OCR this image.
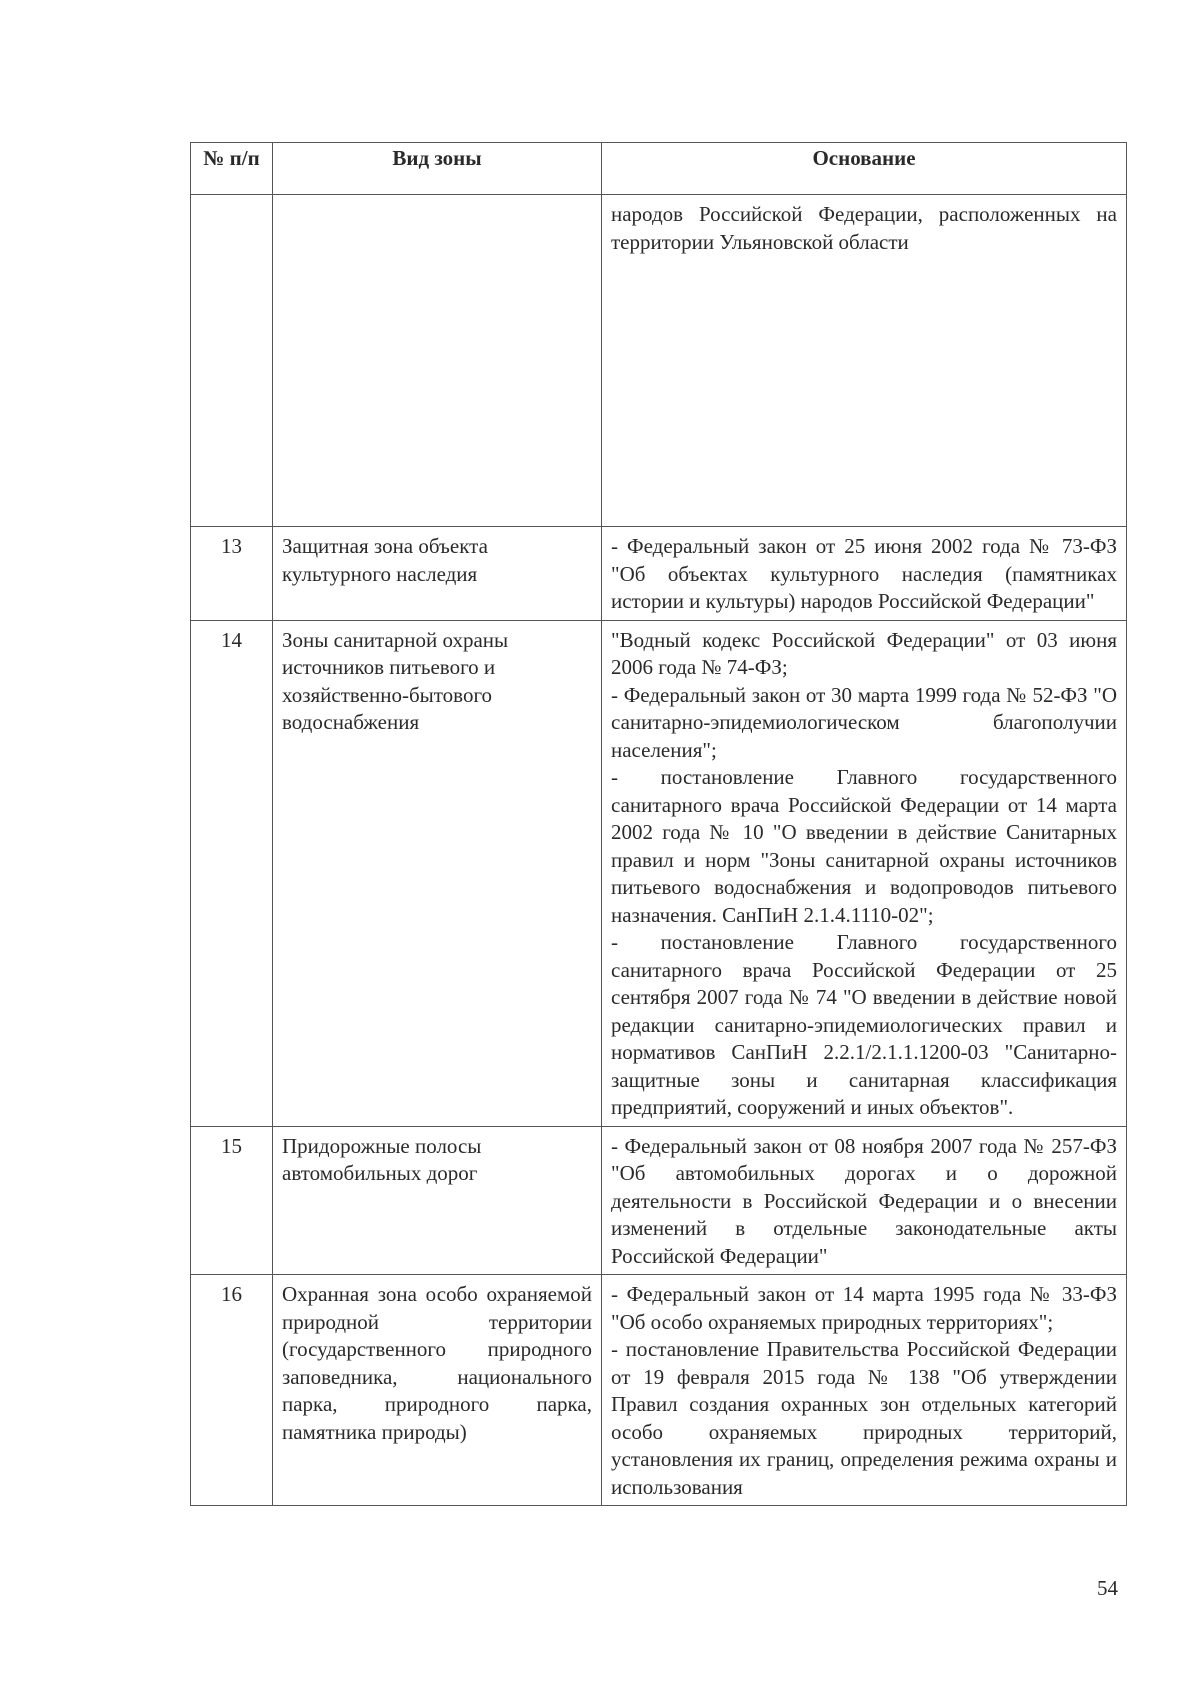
№ п/п	Вид зоны	Основание
		народов Российской Федерации, расположенных на территории Ульяновской области
13	Защитная зона объекта культурного наследия	- Федеральный закон от 25 июня 2002 года № 73-ФЗ "Об объектах культурного наследия (памятниках истории и культуры) народов Российской Федерации"

14	Зоны санитарной охраны источников питьевого и хозяйственно-бытового водоснабжения	"Водный кодекс Российской Федерации" от 03 июня 2006 года № 74-ФЗ;
- Федеральный закон от 30 марта 1999 года № 52-ФЗ "О санитарно-эпидемиологическом благополучии населения";
- постановление Главного государственного санитарного врача Российской Федерации от 14 марта 2002 года № 10 "О введении в действие Санитарных правил и норм "Зоны санитарной охраны источников питьевого водоснабжения и водопроводов питьевого назначения. СанПиН 2.1.4.1110-02";
- постановление Главного государственного санитарного врача Российской Федерации от 25 сентября 2007 года № 74 "О введении в действие новой редакции санитарно-эпидемиологических правил и нормативов СанПиН 2.2.1/2.1.1.1200-03 "Санитарно-защитные зоны и санитарная классификация предприятий, сооружений и иных объектов".

15	Придорожные полосы автомобильных дорог	- Федеральный закон от 08 ноября 2007 года № 257-ФЗ "Об автомобильных дорогах и о дорожной деятельности в Российской Федерации и о внесении изменений в отдельные законодательные акты Российской Федерации"

16	Охранная зона особо охраняемой природной территории (государственного природного заповедника, национального парка, природного парка, памятника природы)	- Федеральный закон от 14 марта 1995 года № 33-ФЗ "Об особо охраняемых природных территориях";
- постановление Правительства Российской Федерации от 19 февраля 2015 года № 138 "Об утверждении Правил создания охранных зон отдельных категорий особо охраняемых природных территорий, установления их границ, определения режима охраны и использования
54
